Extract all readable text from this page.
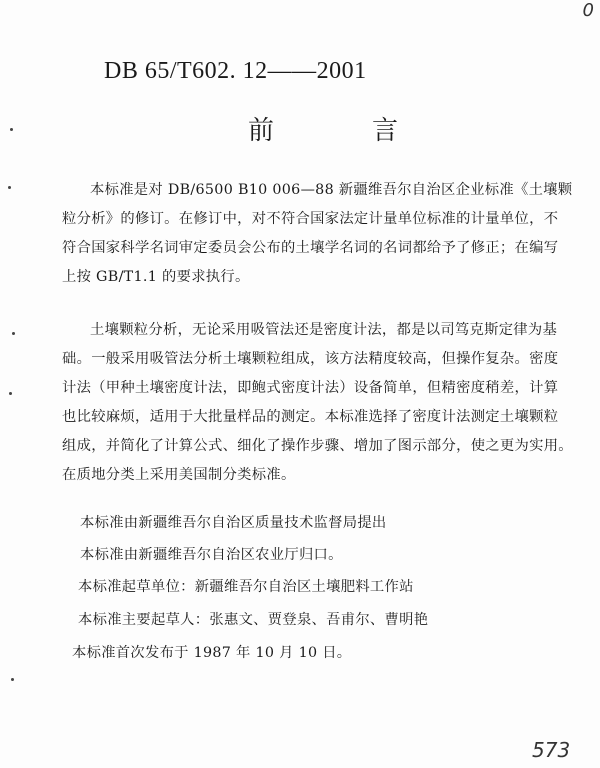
0
DB 65/T602. 12——2001
前	言
本标准是对 DB/6500 B10 006—88 新疆维吾尔自治区企业标准《土壤颗
粒分析》的修订。在修订中，对不符合国家法定计量单位标准的计量单位，不
符合国家科学名词审定委员会公布的土壤学名词的名词都给予了修正；在编写
上按 GB/T1.1 的要求执行。
土壤颗粒分析，无论采用吸管法还是密度计法，都是以司笃克斯定律为基
础。一般采用吸管法分析土壤颗粒组成，该方法精度较高，但操作复杂。密度
计法（甲种土壤密度计法，即鲍式密度计法）设备简单，但精密度稍差，计算
也比较麻烦，适用于大批量样品的测定。本标准选择了密度计法测定土壤颗粒
组成，并简化了计算公式、细化了操作步骤、增加了图示部分，使之更为实用。
在质地分类上采用美国制分类标准。
本标准由新疆维吾尔自治区质量技术监督局提出
本标准由新疆维吾尔自治区农业厅归口。
本标准起草单位：新疆维吾尔自治区土壤肥料工作站
本标准主要起草人：张惠文、贾登泉、吾甫尔、曹明艳
本标准首次发布于 1987 年 10 月 10 日。
573
